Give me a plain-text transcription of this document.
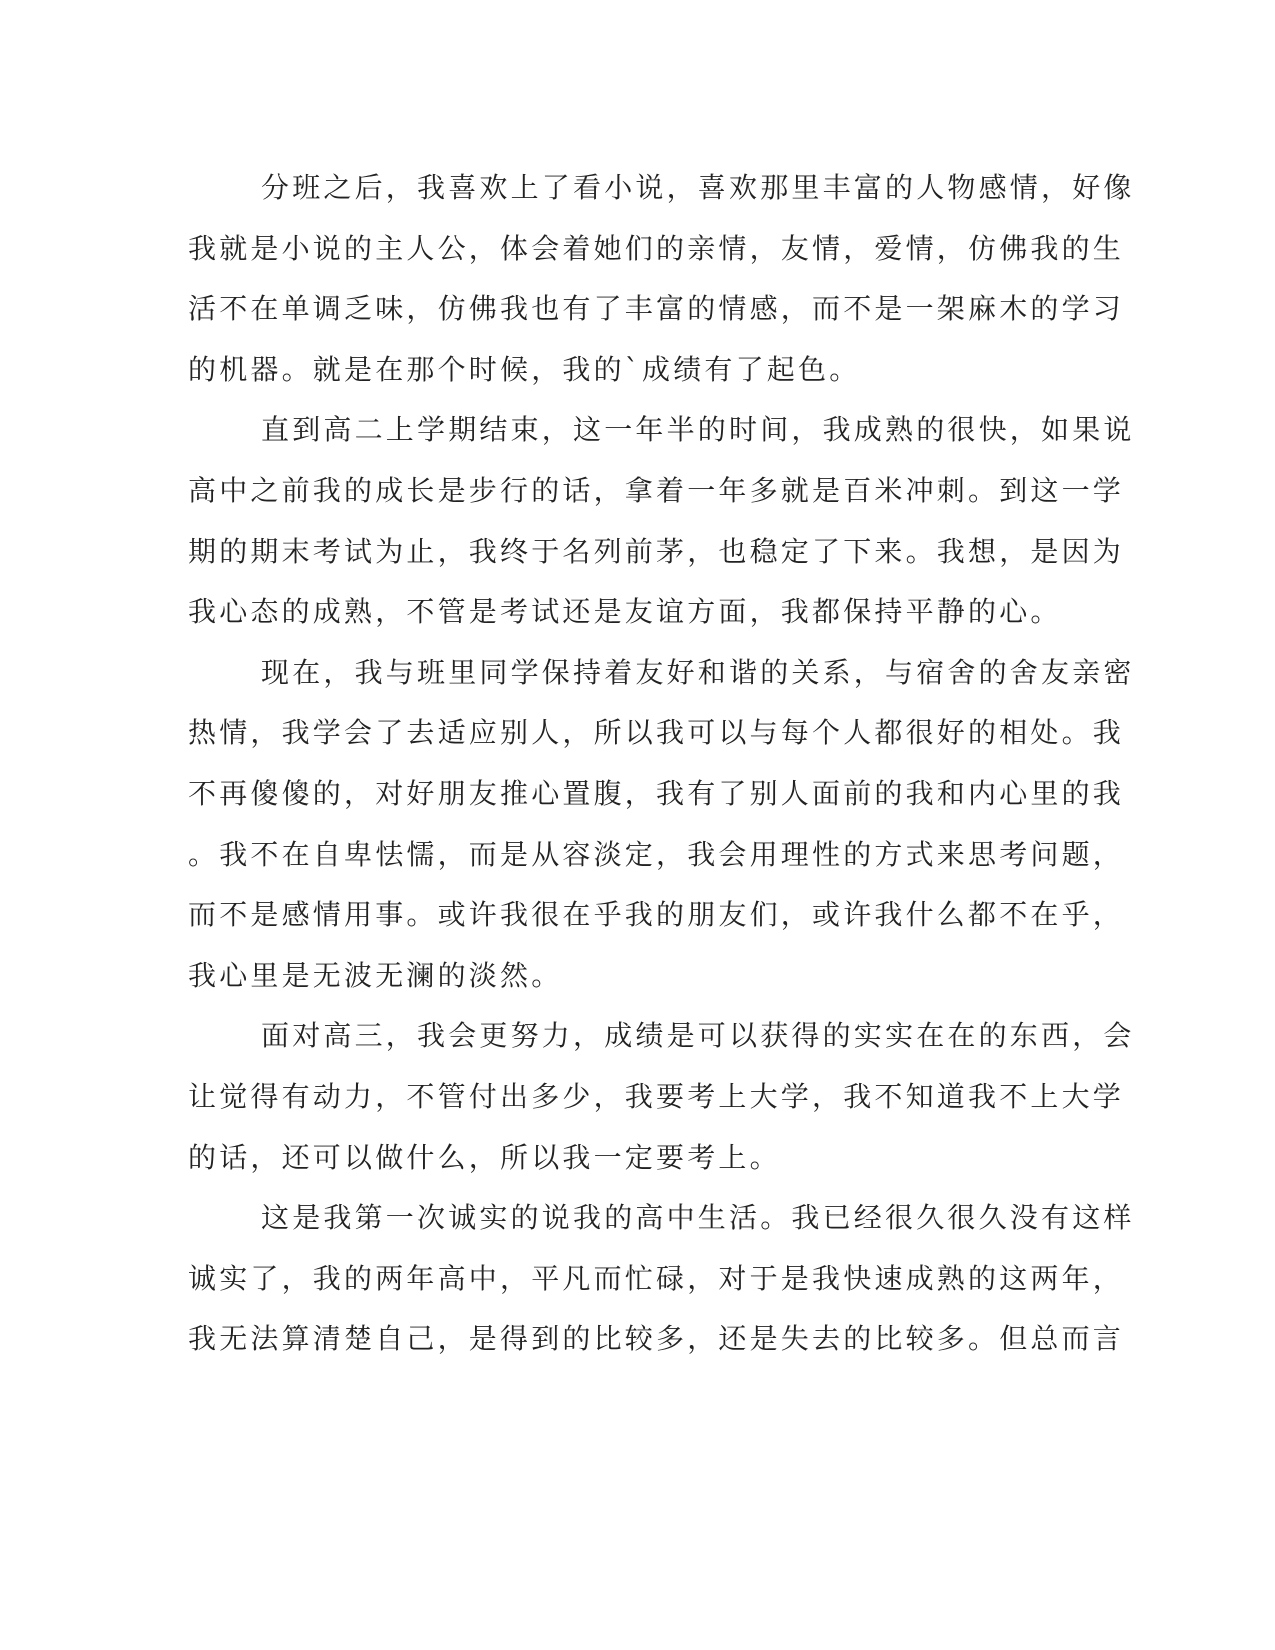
分班之后，我喜欢上了看小说，喜欢那里丰富的人物感情，好像
我就是小说的主人公，体会着她们的亲情，友情，爱情，仿佛我的生
活不在单调乏味，仿佛我也有了丰富的情感，而不是一架麻木的学习
的机器。就是在那个时候，我的`成绩有了起色。
直到高二上学期结束，这一年半的时间，我成熟的很快，如果说
高中之前我的成长是步行的话，拿着一年多就是百米冲刺。到这一学
期的期末考试为止，我终于名列前茅，也稳定了下来。我想，是因为
我心态的成熟，不管是考试还是友谊方面，我都保持平静的心。
现在，我与班里同学保持着友好和谐的关系，与宿舍的舍友亲密
热情，我学会了去适应别人，所以我可以与每个人都很好的相处。我
不再傻傻的，对好朋友推心置腹，我有了别人面前的我和内心里的我
。我不在自卑怯懦，而是从容淡定，我会用理性的方式来思考问题，
而不是感情用事。或许我很在乎我的朋友们，或许我什么都不在乎，
我心里是无波无澜的淡然。
面对高三，我会更努力，成绩是可以获得的实实在在的东西，会
让觉得有动力，不管付出多少，我要考上大学，我不知道我不上大学
的话，还可以做什么，所以我一定要考上。
这是我第一次诚实的说我的高中生活。我已经很久很久没有这样
诚实了，我的两年高中，平凡而忙碌，对于是我快速成熟的这两年，
我无法算清楚自己，是得到的比较多，还是失去的比较多。但总而言
